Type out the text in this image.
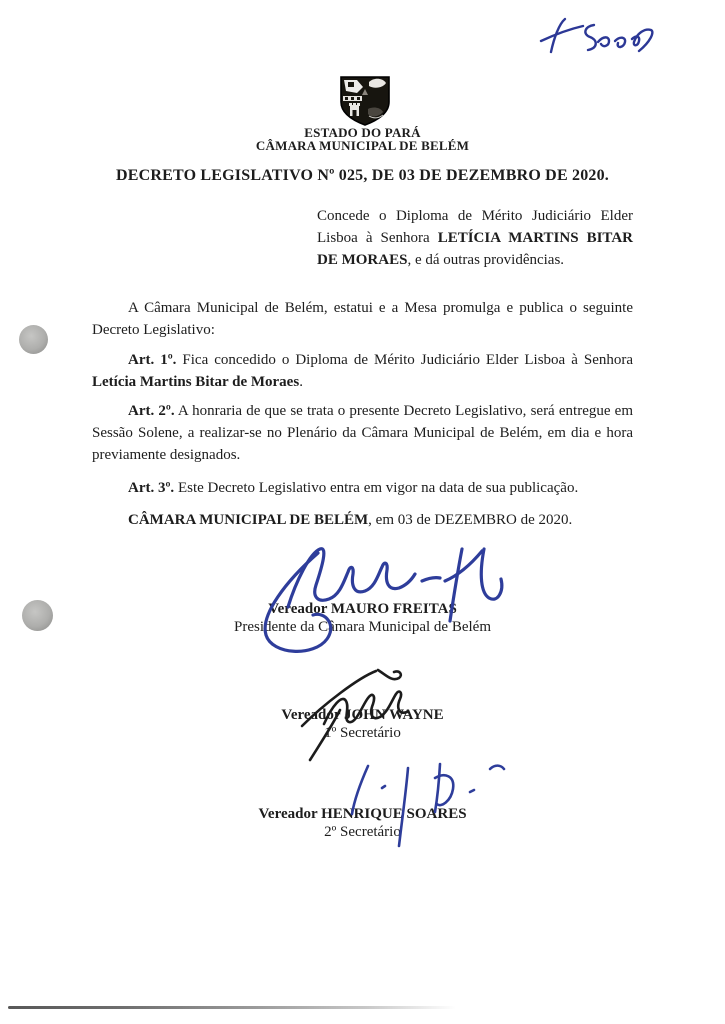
ESTADO DO PARÁ
CÂMARA MUNICIPAL DE BELÉM
DECRETO LEGISLATIVO Nº 025, DE 03 DE DEZEMBRO DE 2020.

Concede o Diploma de Mérito Judiciário Elder Lisboa à Senhora LETÍCIA MARTINS BITAR DE MORAES, e dá outras providências.

A Câmara Municipal de Belém, estatui e a Mesa promulga e publica o seguinte Decreto Legislativo:

Art. 1º. Fica concedido o Diploma de Mérito Judiciário Elder Lisboa à Senhora Letícia Martins Bitar de Moraes.

Art. 2º. A honraria de que se trata o presente Decreto Legislativo, será entregue em Sessão Solene, a realizar-se no Plenário da Câmara Municipal de Belém, em dia e hora previamente designados.

Art. 3º. Este Decreto Legislativo entra em vigor na data de sua publicação.

CÂMARA MUNICIPAL DE BELÉM, em 03 de DEZEMBRO de 2020.

Vereador MAURO FREITAS
Presidente da Câmara Municipal de Belém
Vereador JOHN WAYNE
1º Secretário
Vereador HENRIQUE SOARES
2º Secretário
